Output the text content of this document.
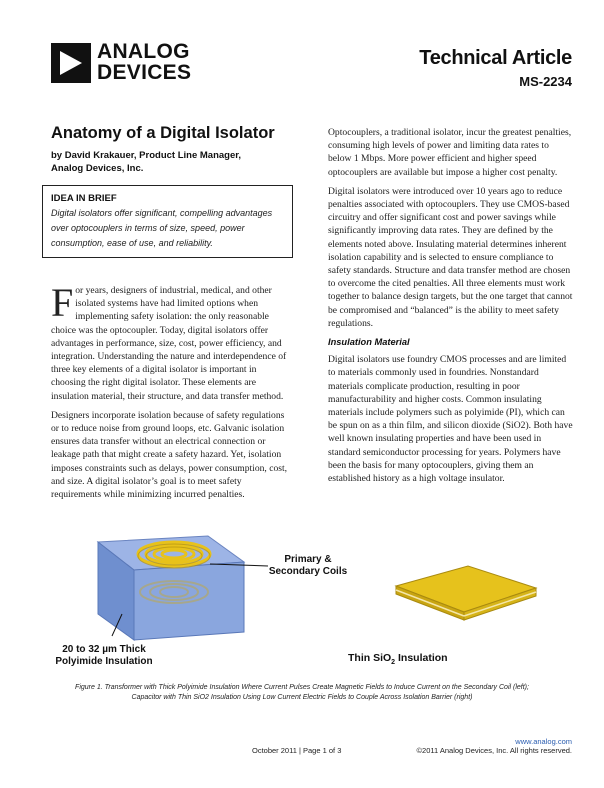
ANALOG
DEVICES
Technical Article
MS-2234
Anatomy of a Digital Isolator
by David Krakauer, Product Line Manager,
Analog Devices, Inc.
IDEA IN BRIEF
Digital isolators offer significant, compelling advantages over optocouplers in terms of size, speed, power consumption, ease of use, and reliability.

F or years, designers of industrial, medical, and other isolated systems have had limited options when implementing safety isolation: the only reasonable choice was the optocoupler. Today, digital isolators offer advantages in performance, size, cost, power efficiency, and integration. Understanding the nature and interdependence of three key elements of a digital isolator is important in choosing the right digital isolator. These elements are insulation material, their structure, and data transfer method.

Designers incorporate isolation because of safety regulations or to reduce noise from ground loops, etc. Galvanic isolation ensures data transfer without an electrical connection or leakage path that might create a safety hazard. Yet, isolation imposes constraints such as delays, power consumption, cost, and size. A digital isolator’s goal is to meet safety requirements while minimizing incurred penalties.

Optocouplers, a traditional isolator, incur the greatest penalties, consuming high levels of power and limiting data rates to below 1 Mbps. More power efficient and higher speed optocouplers are available but impose a higher cost penalty.

Digital isolators were introduced over 10 years ago to reduce penalties associated with optocouplers. They use CMOS-based circuitry and offer significant cost and power savings while significantly improving data rates. They are defined by the elements noted above. Insulating material determines inherent isolation capability and is selected to ensure compliance to safety standards. Structure and data transfer method are chosen to overcome the cited penalties. All three elements must work together to balance design targets, but the one target that cannot be compromised and “balanced” is the ability to meet safety regulations.

Insulation Material

Digital isolators use foundry CMOS processes and are limited to materials commonly used in foundries. Nonstandard materials complicate production, resulting in poor manufacturability and higher costs. Common insulating materials include polymers such as polyimide (PI), which can be spun on as a thin film, and silicon dioxide (SiO2). Both have well known insulating properties and have been used in standard semiconductor processing for years. Polymers have been the basis for many optocouplers, giving them an established history as a high voltage insulator.

Primary &
Secondary Coils
20 to 32 µm Thick
Polyimide Insulation	Thin SiO$_2$ Insulation
Figure 1. Transformer with Thick Polyimide Insulation Where Current Pulses Create Magnetic Fields to Induce Current on the Secondary Coil (left);
Capacitor with Thin SiO2 Insulation Using Low Current Electric Fields to Couple Across Isolation Barrier (right)
October 2011 | Page 1 of 3
www.analog.com
©2011 Analog Devices, Inc. All rights reserved.
